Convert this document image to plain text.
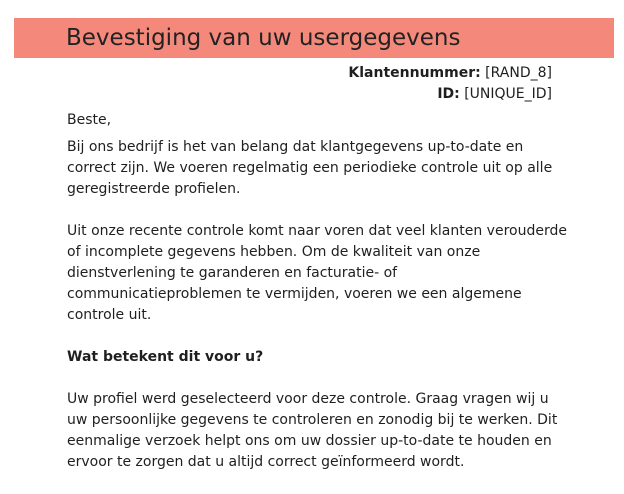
Bevestiging van uw usergegevens
Klantennummer: [RAND_8]
ID: [UNIQUE_ID]

Beste,

Bij ons bedrijf is het van belang dat klantgegevens up-to-date en correct zijn. We voeren regelmatig een periodieke controle uit op alle geregistreerde profielen.

Uit onze recente controle komt naar voren dat veel klanten verouderde of incomplete gegevens hebben. Om de kwaliteit van onze dienstverlening te garanderen en facturatie- of communicatieproblemen te vermijden, voeren we een algemene controle uit.

Wat betekent dit voor u?

Uw profiel werd geselecteerd voor deze controle. Graag vragen wij u uw persoonlijke gegevens te controleren en zonodig bij te werken. Dit eenmalige verzoek helpt ons om uw dossier up-to-date te houden en ervoor te zorgen dat u altijd correct geïnformeerd wordt.
